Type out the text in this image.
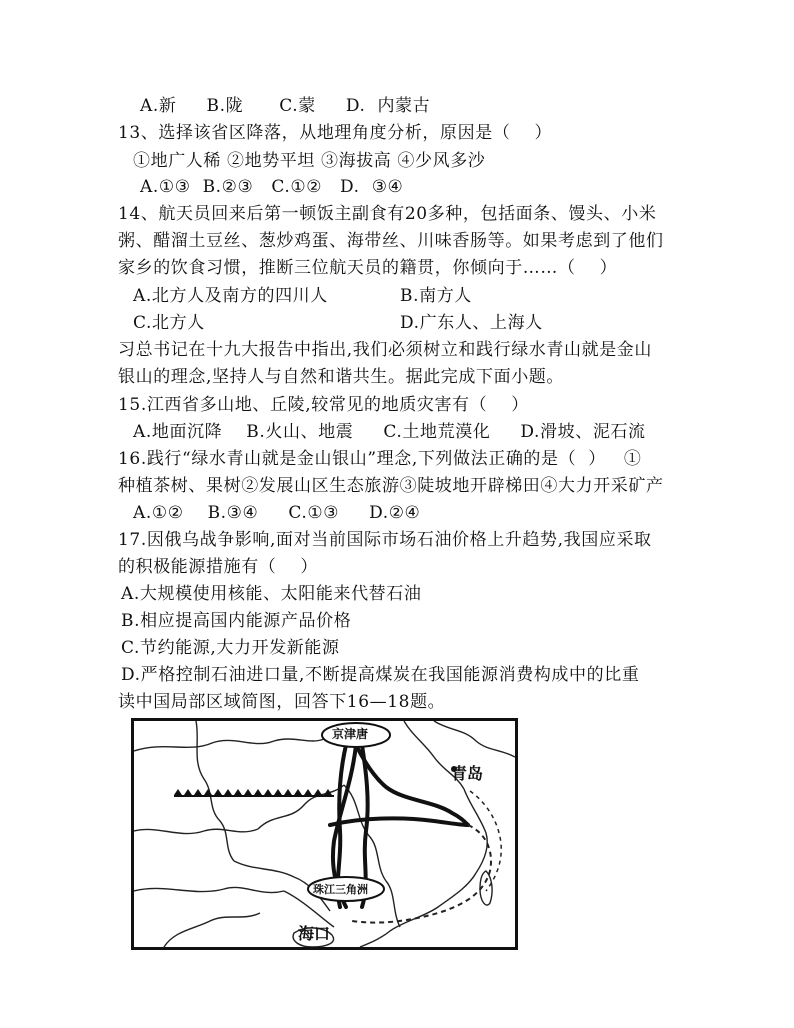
A.新     B.陇      C.蒙     D.  内蒙古
13、选择该省区降落，从地理角度分析，原因是（    ）
①地广人稀 ②地势平坦 ③海拔高 ④少风多沙
A.①③  B.②③   C.①②   D.  ③④
14、航天员回来后第一顿饭主副食有20多种，包括面条、馒头、小米
粥、醋溜土豆丝、葱炒鸡蛋、海带丝、川味香肠等。如果考虑到了他们
家乡的饮食习惯，推断三位航天员的籍贯，你倾向于……（    ）
A.北方人及南方的四川人	B.南方人
C.北方人	D.广东人、上海人
习总书记在十九大报告中指出,我们必须树立和践行绿水青山就是金山
银山的理念,坚持人与自然和谐共生。据此完成下面小题。
15.江西省多山地、丘陵,较常见的地质灾害有（    ）
A.地面沉降    B.火山、地震     C.土地荒漠化     D.滑坡、泥石流
16.践行“绿水青山就是金山银山”理念,下列做法正确的是（  ）   ①
种植茶树、果树②发展山区生态旅游③陡坡地开辟梯田④大力开采矿产
A.①②    B.③④     C.①③     D.②④
17.因俄乌战争影响,面对当前国际市场石油价格上升趋势,我国应采取
的积极能源措施有（    ）
A.大规模使用核能、太阳能来代替石油
B.相应提高国内能源产品价格
C.节约能源,大力开发新能源
D.严格控制石油进口量,不断提高煤炭在我国能源消费构成中的比重
读中国局部区域简图，回答下16—18题。
京津唐
青岛
珠江三角洲
海口
